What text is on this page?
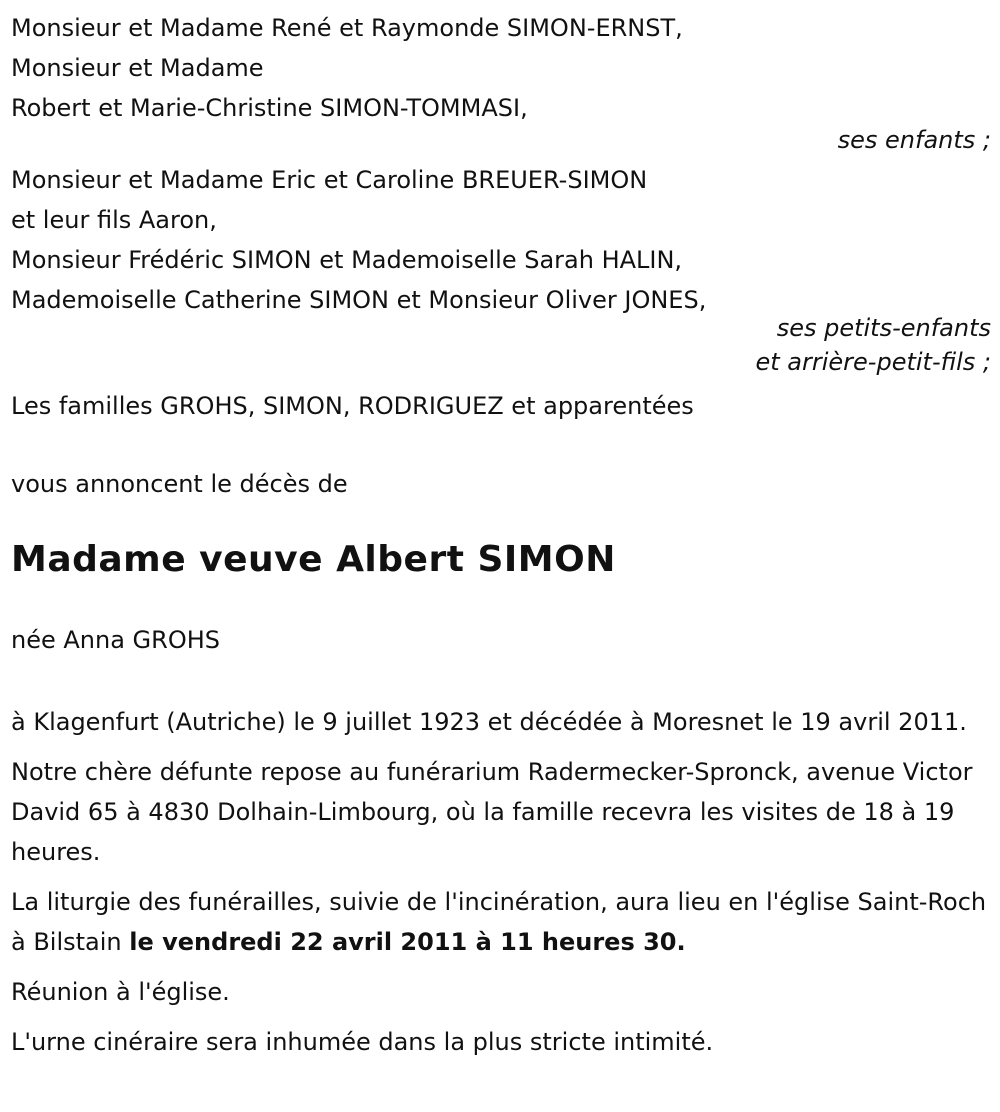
Monsieur et Madame René et Raymonde SIMON-ERNST,
Monsieur et Madame
Robert et Marie-Christine SIMON-TOMMASI,
ses enfants ;
Monsieur et Madame Eric et Caroline BREUER-SIMON
et leur fils Aaron,
Monsieur Frédéric SIMON et Mademoiselle Sarah HALIN,
Mademoiselle Catherine SIMON et Monsieur Oliver JONES,
ses petits-enfants
et arrière-petit-fils ;
Les familles GROHS, SIMON, RODRIGUEZ et apparentées
vous annoncent le décès de
Madame veuve Albert SIMON
née Anna GROHS

à Klagenfurt (Autriche) le 9 juillet 1923 et décédée à Moresnet le 19 avril 2011.

Notre chère défunte repose au funérarium Radermecker-Spronck, avenue Victor David 65 à 4830 Dolhain-Limbourg, où la famille recevra les visites de 18 à 19 heures.

La liturgie des funérailles, suivie de l'incinération, aura lieu en l'église Saint-Roch à Bilstain le vendredi 22 avril 2011 à 11 heures 30.

Réunion à l'église.

L'urne cinéraire sera inhumée dans la plus stricte intimité.
